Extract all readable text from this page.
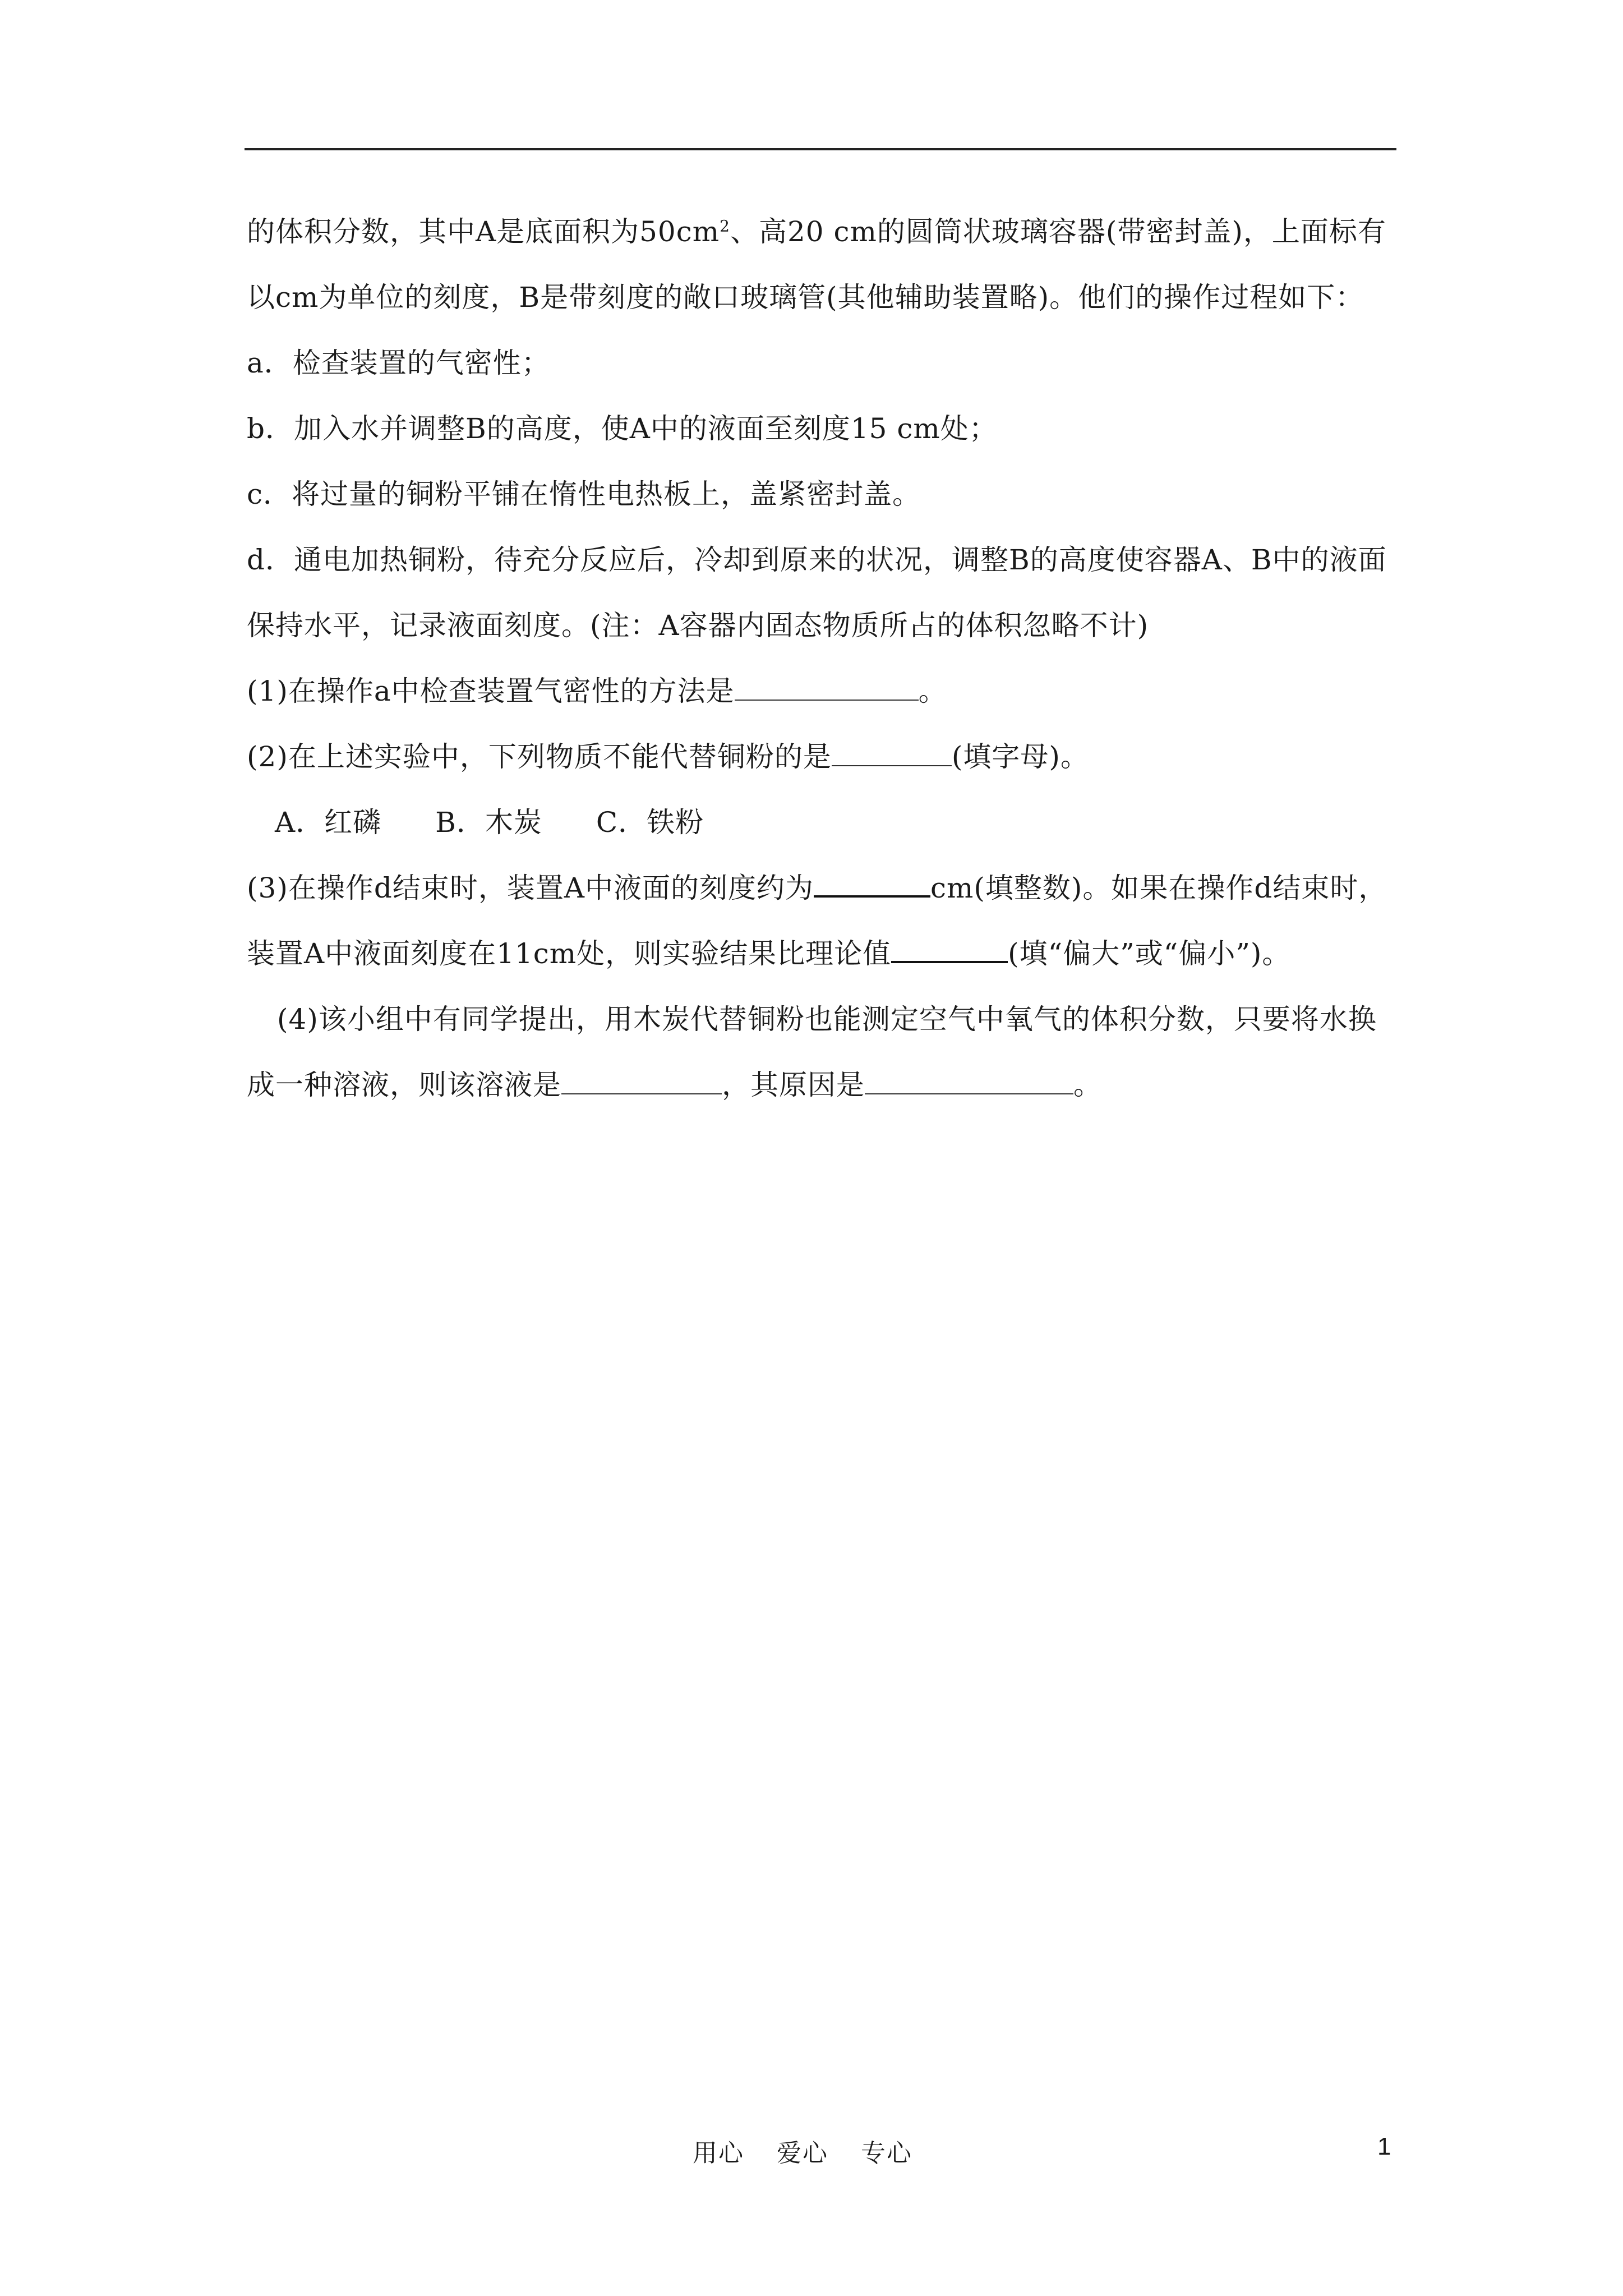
的体积分数，其中A是底面积为$50cm^2$、高20 cm的圆筒状玻璃容器(带密封盖)，上面标有
以cm为单位的刻度，B是带刻度的敞口玻璃管(其他辅助装置略)。他们的操作过程如下：
a．检查装置的气密性；
b．加入水并调整B的高度，使A中的液面至刻度15 cm处；
c．将过量的铜粉平铺在惰性电热板上，盖紧密封盖。
d．通电加热铜粉，待充分反应后，冷却到原来的状况，调整B的高度使容器A、B中的液面
保持水平，记录液面刻度。(注：A容器内固态物质所占的体积忽略不计)
(1)在操作a中检查装置气密性的方法是	。
(2)在上述实验中，下列物质不能代替铜粉的是	(填字母)。
A．红磷 B．木炭 C．铁粉
(3)在操作d结束时，装置A中液面的刻度约为	cm(填整数)。如果在操作d结束时，
装置A中液面刻度在11cm处，则实验结果比理论值	(填“偏大”或“偏小”)。
(4)该小组中有同学提出，用木炭代替铜粉也能测定空气中氧气的体积分数，只要将水换
成一种溶液，则该溶液是	，其原因是	。
用心 爱心 专心	1
